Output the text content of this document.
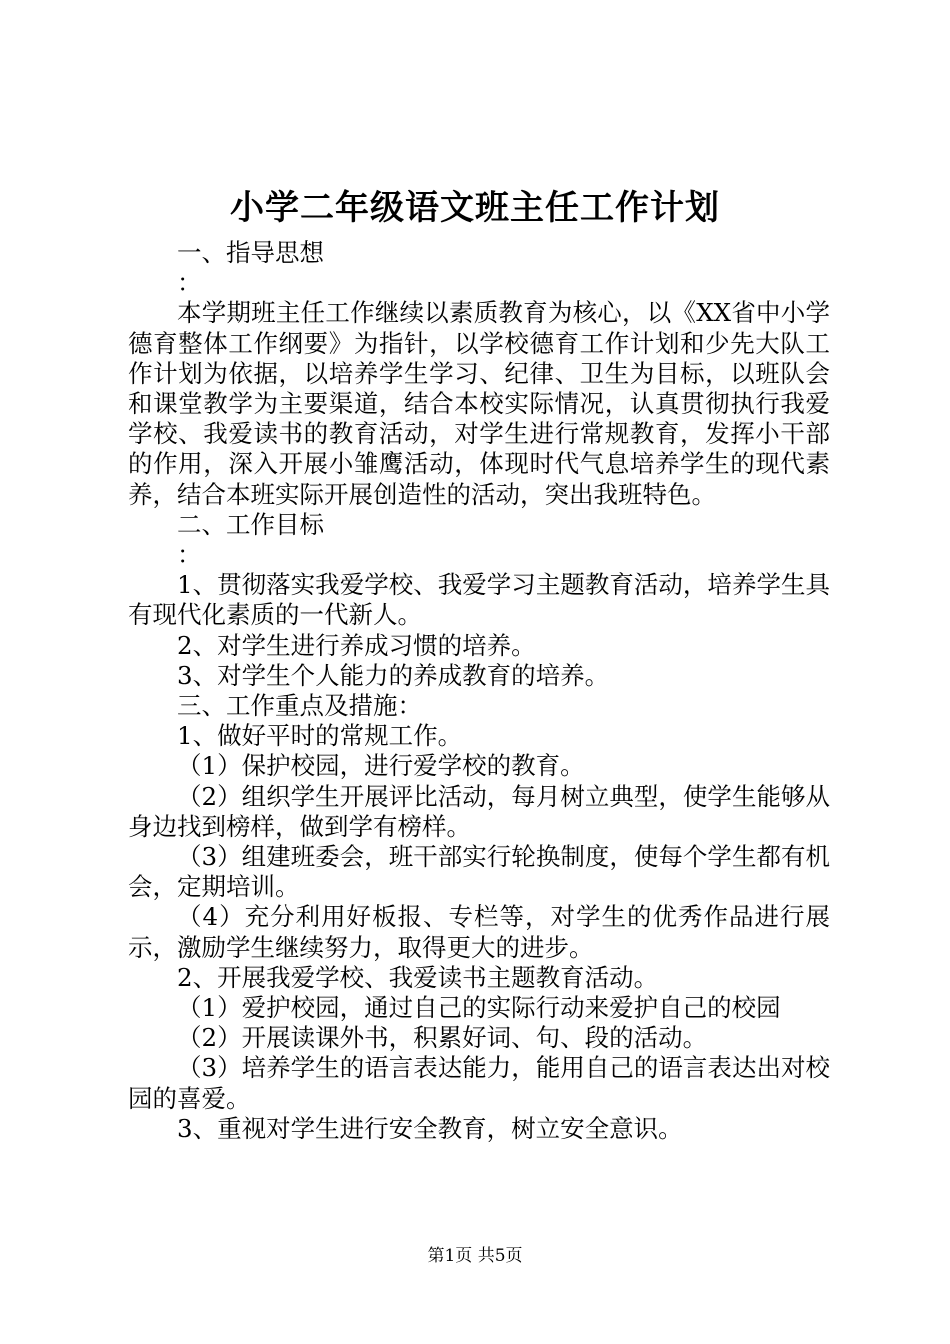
小学二年级语文班主任工作计划

一、指导思想

：

本学期班主任工作继续以素质教育为核心，以《XX省中小学德育整体工作纲要》为指针，以学校德育工作计划和少先大队工作计划为依据，以培养学生学习、纪律、卫生为目标，以班队会和课堂教学为主要渠道，结合本校实际情况，认真贯彻执行我爱学校、我爱读书的教育活动，对学生进行常规教育，发挥小干部的作用，深入开展小雏鹰活动，体现时代气息培养学生的现代素养，结合本班实际开展创造性的活动，突出我班特色。

二、工作目标

：

1、贯彻落实我爱学校、我爱学习主题教育活动，培养学生具有现代化素质的一代新人。

2、对学生进行养成习惯的培养。

3、对学生个人能力的养成教育的培养。

三、工作重点及措施：

1、做好平时的常规工作。

（1）保护校园，进行爱学校的教育。

（2）组织学生开展评比活动，每月树立典型，使学生能够从身边找到榜样，做到学有榜样。

（3）组建班委会，班干部实行轮换制度，使每个学生都有机会，定期培训。

（4）充分利用好板报、专栏等，对学生的优秀作品进行展示，激励学生继续努力，取得更大的进步。

2、开展我爱学校、我爱读书主题教育活动。

（1）爱护校园，通过自己的实际行动来爱护自己的校园

（2）开展读课外书，积累好词、句、段的活动。

（3）培养学生的语言表达能力，能用自己的语言表达出对校园的喜爱。

3、重视对学生进行安全教育，树立安全意识。

第1页 共5页
